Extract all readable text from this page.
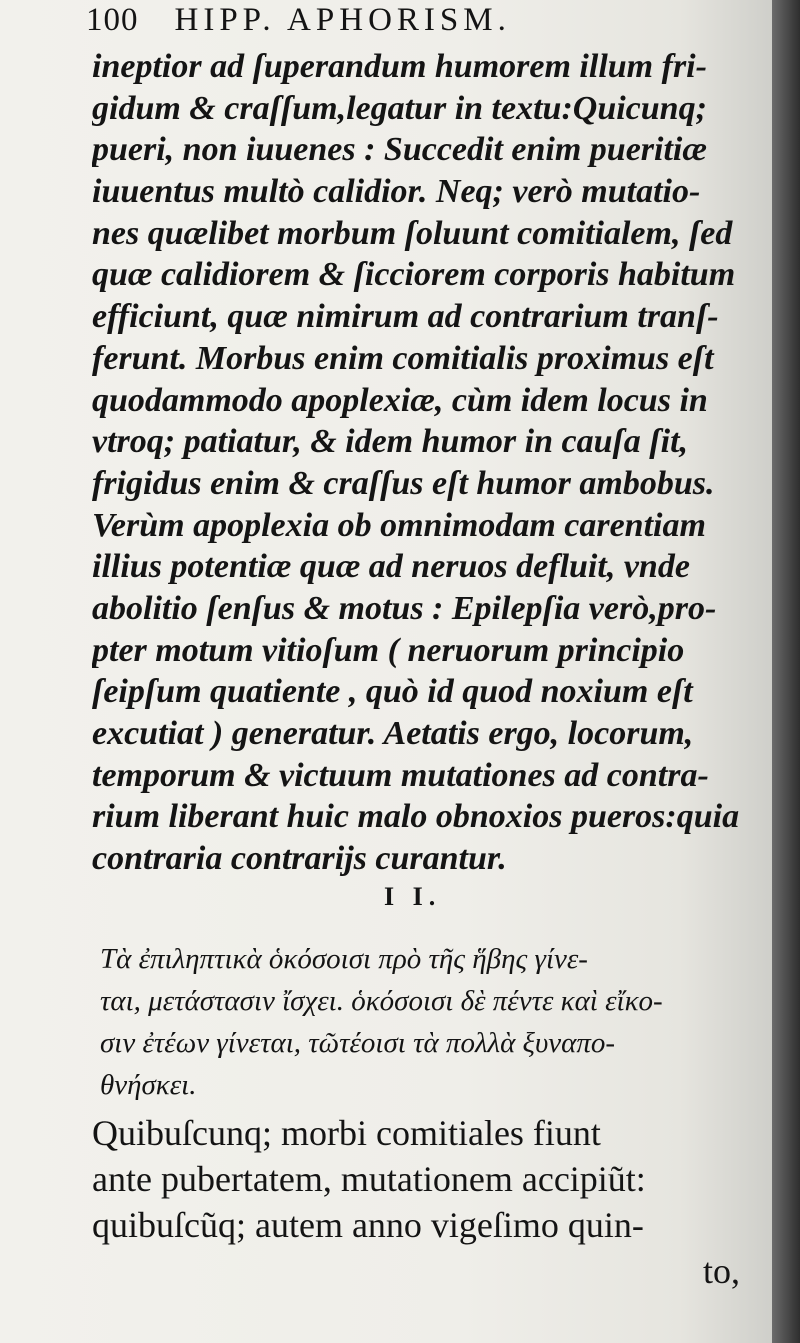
100 HIPP. APHORISM.
ineptior ad ſuperandum humorem illum fri-
gidum & craſſum,legatur in textu:Quicunq;
pueri, non iuuenes : Succedit enim pueritiæ
iuuentus multò calidior. Neq; verò mutatio-
nes quælibet morbum ſoluunt comitialem, ſed
quæ calidiorem & ſicciorem corporis habitum
efficiunt, quæ nimirum ad contrarium tranſ-
ferunt. Morbus enim comitialis proximus eſt
quodammodo apoplexiæ, cùm idem locus in
vtroq; patiatur, & idem humor in cauſa ſit,
frigidus enim & craſſus eſt humor ambobus.
Verùm apoplexia ob omnimodam carentiam
illius potentiæ quæ ad neruos defluit, vnde
abolitio ſenſus & motus : Epilepſia verò,pro-
pter motum vitioſum ( neruorum principio
ſeipſum quatiente , quò id quod noxium eſt
excutiat ) generatur. Aetatis ergo, locorum,
temporum & victuum mutationes ad contra-
rium liberant huic malo obnoxios pueros:quia
contraria contrarijs curantur.
I I.
Τὰ ἐπιληπτικὰ ὁκόσοισι πρὸ τῆς ἥβης γίνε-
ται, μετάστασιν ἴσχει. ὁκόσοισι δὲ πέντε καὶ εἴκο-
σιν ἐτέων γίνεται, τῶτέοισι τὰ πολλὰ ξυναπο-
θνήσκει.
Quibuſcunq; morbi comitiales fiunt
ante pubertatem, mutationem accipiũt:
quibuſcũq; autem anno vigeſimo quin-
to,
